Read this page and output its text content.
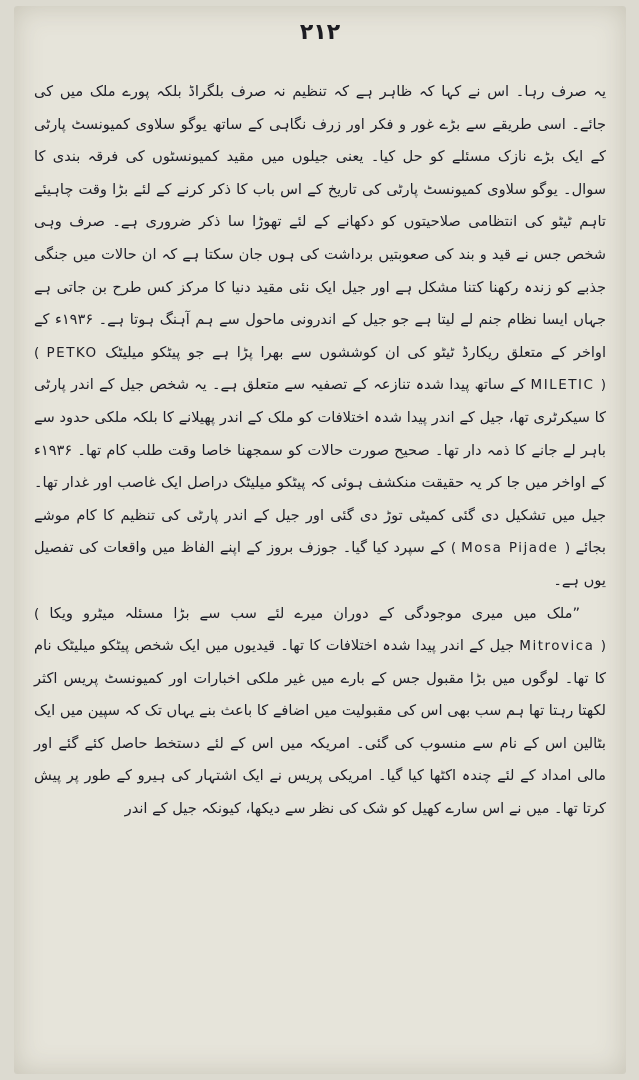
۲۱۲

یہ صرف رہا۔ اس نے کہا کہ ظاہر ہے کہ تنظیم نہ صرف بلگراڈ بلکہ پورے ملک میں کی جائے۔ اسی طریقے سے بڑے غور و فکر اور زرف نگاہی کے ساتھ یوگو سلاوی کمیونسٹ پارٹی کے ایک بڑے نازک مسئلے کو حل کیا۔ یعنی جیلوں میں مقید کمیونسٹوں کی فرقہ بندی کا سوال۔ یوگو سلاوی کمیونسٹ پارٹی کی تاریخ کے اس باب کا ذکر کرنے کے لئے بڑا وقت چاہیئے تاہم ٹیٹو کی انتظامی صلاحیتوں کو دکھانے کے لئے تھوڑا سا ذکر ضروری ہے۔ صرف وہی شخص جس نے قید و بند کی صعوبتیں برداشت کی ہوں جان سکتا ہے کہ ان حالات میں جنگی جذبے کو زندہ رکھنا کتنا مشکل ہے اور جیل ایک نئی مقید دنیا کا مرکز کس طرح بن جاتی ہے جہاں ایسا نظام جنم لے لیتا ہے جو جیل کے اندرونی ماحول سے ہم آہنگ ہوتا ہے۔ ۱۹۳۶ء کے اواخر کے متعلق ریکارڈ ٹیٹو کی ان کوششوں سے بھرا پڑا ہے جو پیٹکو میلیٹک ( PETKO MILETIC ) کے ساتھ پیدا شدہ تنازعہ کے تصفیہ سے متعلق ہے۔ یہ شخص جیل کے اندر پارٹی کا سیکرٹری تھا، جیل کے اندر پیدا شدہ اختلافات کو ملک کے اندر پھیلانے کا بلکہ ملکی حدود سے باہر لے جانے کا ذمہ دار تھا۔ صحیح صورت حالات کو سمجھنا خاصا وقت طلب کام تھا۔ ۱۹۳۶ء کے اواخر میں جا کر یہ حقیقت منکشف ہوئی کہ پیٹکو میلیٹک دراصل ایک غاصب اور غدار تھا۔ جیل میں تشکیل دی گئی کمیٹی توڑ دی گئی اور جیل کے اندر پارٹی کی تنظیم کا کام موشے بجائے ( Mosa Pijade ) کے سپرد کیا گیا۔ جوزف بروز کے اپنے الفاظ میں واقعات کی تفصیل یوں ہے۔

”ملک میں میری موجودگی کے دوران میرے لئے سب سے بڑا مسئلہ میٹرو ویکا ( Mitrovica ) جیل کے اندر پیدا شدہ اختلافات کا تھا۔ قیدیوں میں ایک شخص پیٹکو میلیٹک نام کا تھا۔ لوگوں میں بڑا مقبول جس کے بارے میں غیر ملکی اخبارات اور کمیونسٹ پریس اکثر لکھتا رہتا تھا ہم سب بھی اس کی مقبولیت میں اضافے کا باعث بنے یہاں تک کہ سپین میں ایک بٹالین اس کے نام سے منسوب کی گئی۔ امریکہ میں اس کے لئے دستخط حاصل کئے گئے اور مالی امداد کے لئے چندہ اکٹھا کیا گیا۔ امریکی پریس نے ایک اشتہار کی ہیرو کے طور پر پیش کرتا تھا۔ میں نے اس سارے کھیل کو شک کی نظر سے دیکھا، کیونکہ جیل کے اندر
